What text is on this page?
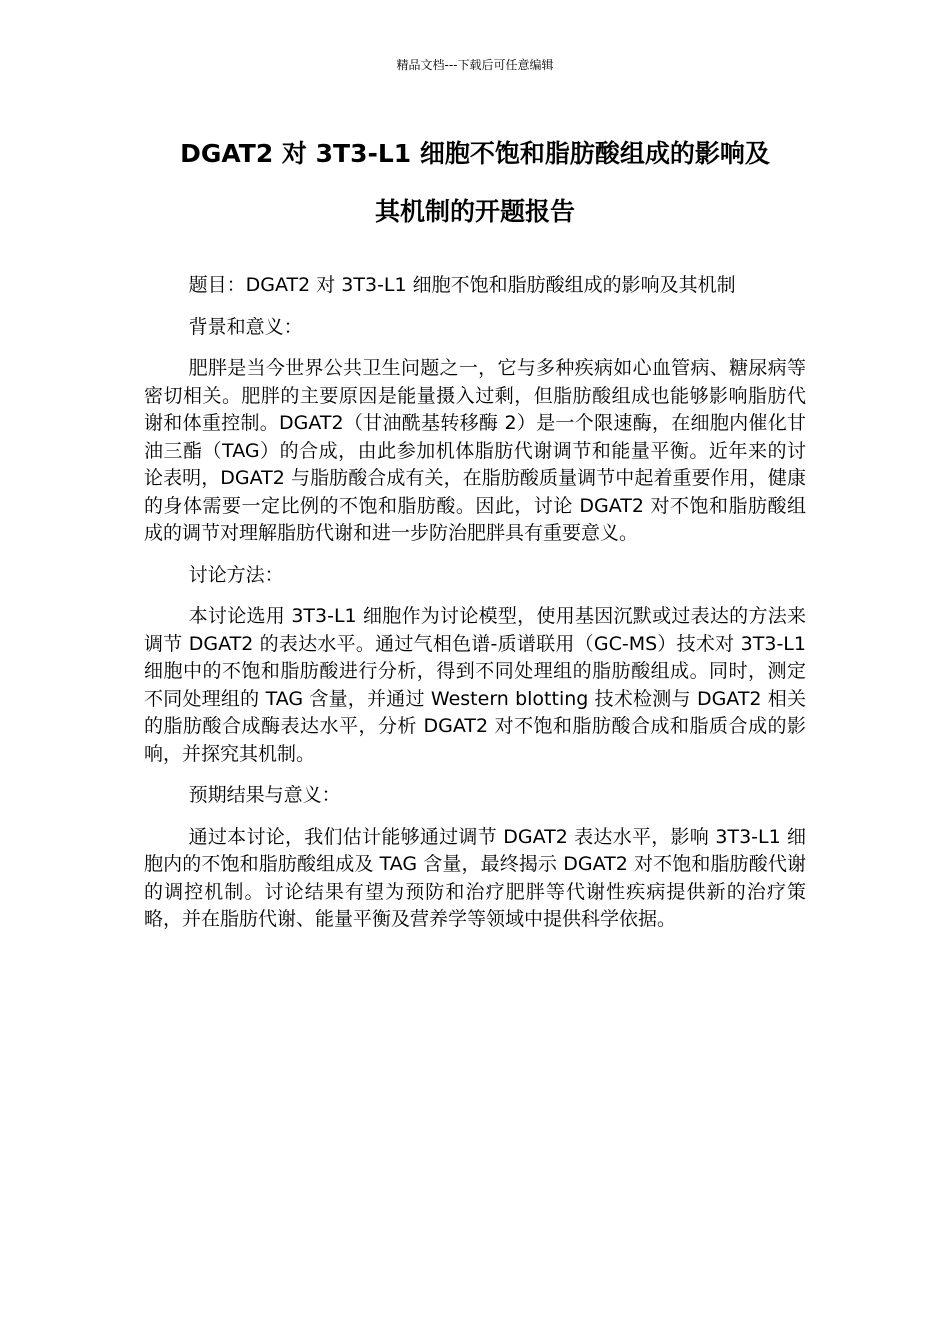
精品文档---下载后可任意编辑
DGAT2 对 3T3-L1 细胞不饱和脂肪酸组成的影响及
其机制的开题报告

题目：DGAT2 对 3T3-L1 细胞不饱和脂肪酸组成的影响及其机制

背景和意义：

肥胖是当今世界公共卫生问题之一，它与多种疾病如心血管病、糖尿病等密切相关。肥胖的主要原因是能量摄入过剩，但脂肪酸组成也能够影响脂肪代谢和体重控制。DGAT2（甘油酰基转移酶 2）是一个限速酶，在细胞内催化甘油三酯（TAG）的合成，由此参加机体脂肪代谢调节和能量平衡。近年来的讨论表明，DGAT2 与脂肪酸合成有关，在脂肪酸质量调节中起着重要作用，健康的身体需要一定比例的不饱和脂肪酸。因此，讨论 DGAT2 对不饱和脂肪酸组成的调节对理解脂肪代谢和进一步防治肥胖具有重要意义。

讨论方法：

本讨论选用 3T3-L1 细胞作为讨论模型，使用基因沉默或过表达的方法来调节 DGAT2 的表达水平。通过气相色谱-质谱联用（GC-MS）技术对 3T3-L1 细胞中的不饱和脂肪酸进行分析，得到不同处理组的脂肪酸组成。同时，测定不同处理组的 TAG 含量，并通过 Western blotting 技术检测与 DGAT2 相关的脂肪酸合成酶表达水平，分析 DGAT2 对不饱和脂肪酸合成和脂质合成的影响，并探究其机制。

预期结果与意义：

通过本讨论，我们估计能够通过调节 DGAT2 表达水平，影响 3T3-L1 细胞内的不饱和脂肪酸组成及 TAG 含量，最终揭示 DGAT2 对不饱和脂肪酸代谢的调控机制。讨论结果有望为预防和治疗肥胖等代谢性疾病提供新的治疗策略，并在脂肪代谢、能量平衡及营养学等领域中提供科学依据。
